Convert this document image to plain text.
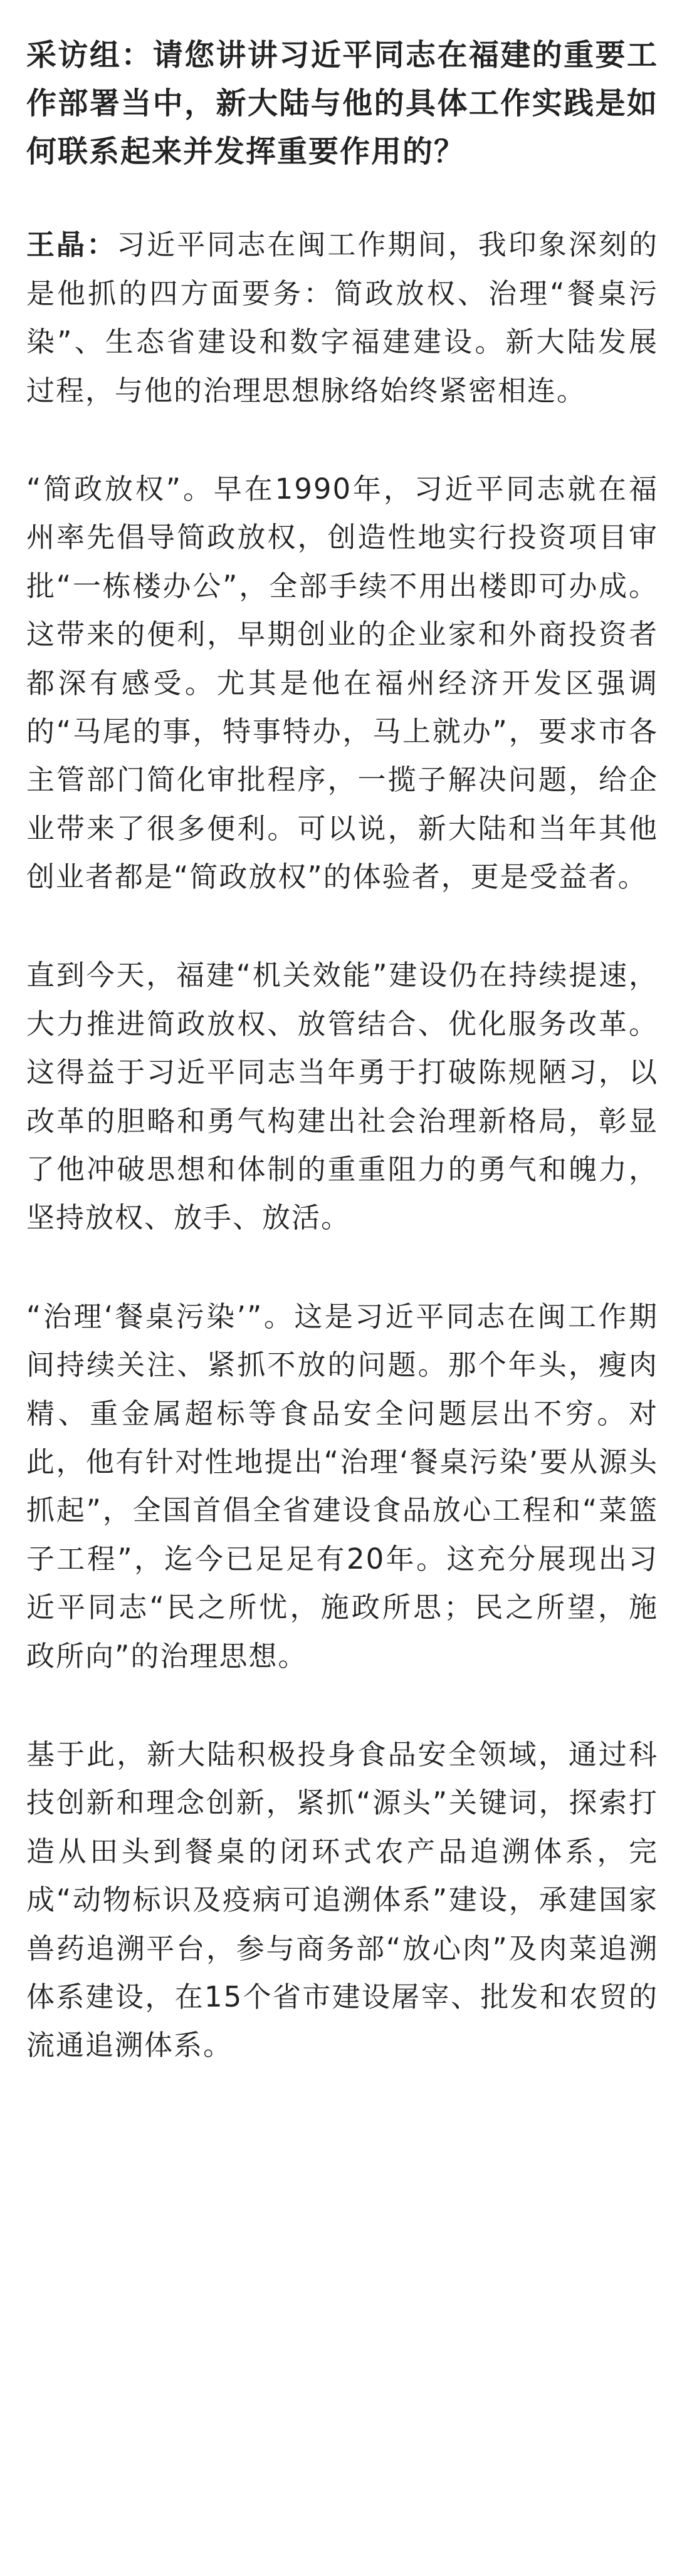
采访组：请您讲讲习近平同志在福建的重要工作部署当中，新大陆与他的具体工作实践是如何联系起来并发挥重要作用的？

王晶：习近平同志在闽工作期间，我印象深刻的是他抓的四方面要务：简政放权、治理“餐桌污染”、生态省建设和数字福建建设。新大陆发展过程，与他的治理思想脉络始终紧密相连。

“简政放权”。早在1990年，习近平同志就在福州率先倡导简政放权，创造性地实行投资项目审批“一栋楼办公”，全部手续不用出楼即可办成。这带来的便利，早期创业的企业家和外商投资者都深有感受。尤其是他在福州经济开发区强调的“马尾的事，特事特办，马上就办”，要求市各主管部门简化审批程序，一揽子解决问题，给企业带来了很多便利。可以说，新大陆和当年其他创业者都是“简政放权”的体验者，更是受益者。

直到今天，福建“机关效能”建设仍在持续提速，大力推进简政放权、放管结合、优化服务改革。这得益于习近平同志当年勇于打破陈规陋习，以改革的胆略和勇气构建出社会治理新格局，彰显了他冲破思想和体制的重重阻力的勇气和魄力，坚持放权、放手、放活。

“治理‘餐桌污染’”。这是习近平同志在闽工作期间持续关注、紧抓不放的问题。那个年头，瘦肉精、重金属超标等食品安全问题层出不穷。对此，他有针对性地提出“治理‘餐桌污染’要从源头抓起”，全国首倡全省建设食品放心工程和“菜篮子工程”，迄今已足足有20年。这充分展现出习近平同志“民之所忧，施政所思；民之所望，施政所向”的治理思想。

基于此，新大陆积极投身食品安全领域，通过科技创新和理念创新，紧抓“源头”关键词，探索打造从田头到餐桌的闭环式农产品追溯体系，完成“动物标识及疫病可追溯体系”建设，承建国家兽药追溯平台，参与商务部“放心肉”及肉菜追溯体系建设，在15个省市建设屠宰、批发和农贸的流通追溯体系。
